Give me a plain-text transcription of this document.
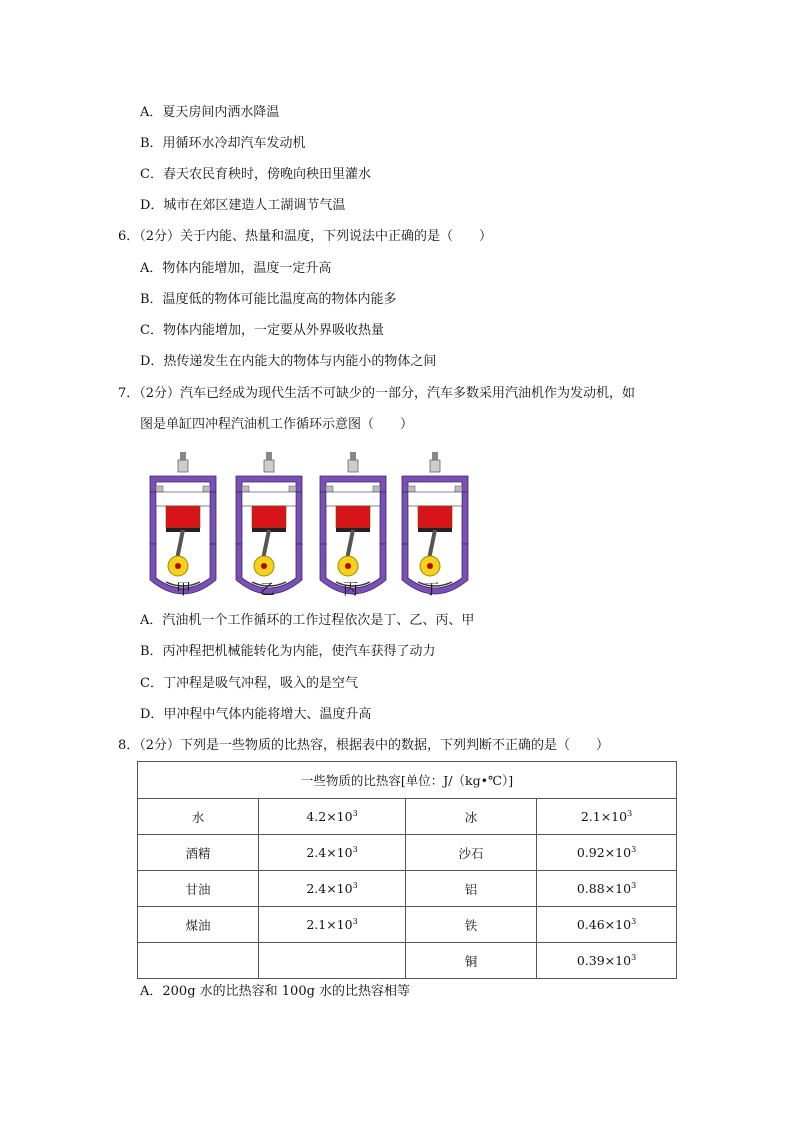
A．夏天房间内洒水降温
B．用循环水冷却汽车发动机
C．春天农民育秧时，傍晚向秧田里灌水
D．城市在郊区建造人工湖调节气温
6．（2分）关于内能、热量和温度，下列说法中正确的是（　　）
A．物体内能增加，温度一定升高
B．温度低的物体可能比温度高的物体内能多
C．物体内能增加，一定要从外界吸收热量
D．热传递发生在内能大的物体与内能小的物体之间
7．（2分）汽车已经成为现代生活不可缺少的一部分，汽车多数采用汽油机作为发动机，如
图是单缸四冲程汽油机工作循环示意图（　　）
甲	乙	丙	丁
A．汽油机一个工作循环的工作过程依次是丁、乙、丙、甲
B．丙冲程把机械能转化为内能，使汽车获得了动力
C．丁冲程是吸气冲程，吸入的是空气
D．甲冲程中气体内能将增大、温度升高
8．（2分）下列是一些物质的比热容，根据表中的数据，下列判断不正确的是（　　）
一些物质的比热容[单位：J/（kg•℃）]			
水	$4.2\times 10^3$	冰	$2.1\times 10^3$
酒精	$2.4\times 10^3$	沙石	$0.92\times 10^3$
甘油	$2.4\times 10^3$	铝	$0.88\times 10^3$
煤油	$2.1\times 10^3$	铁	$0.46\times 10^3$
		铜	$0.39\times 10^3$
A．200g 水的比热容和 100g 水的比热容相等
